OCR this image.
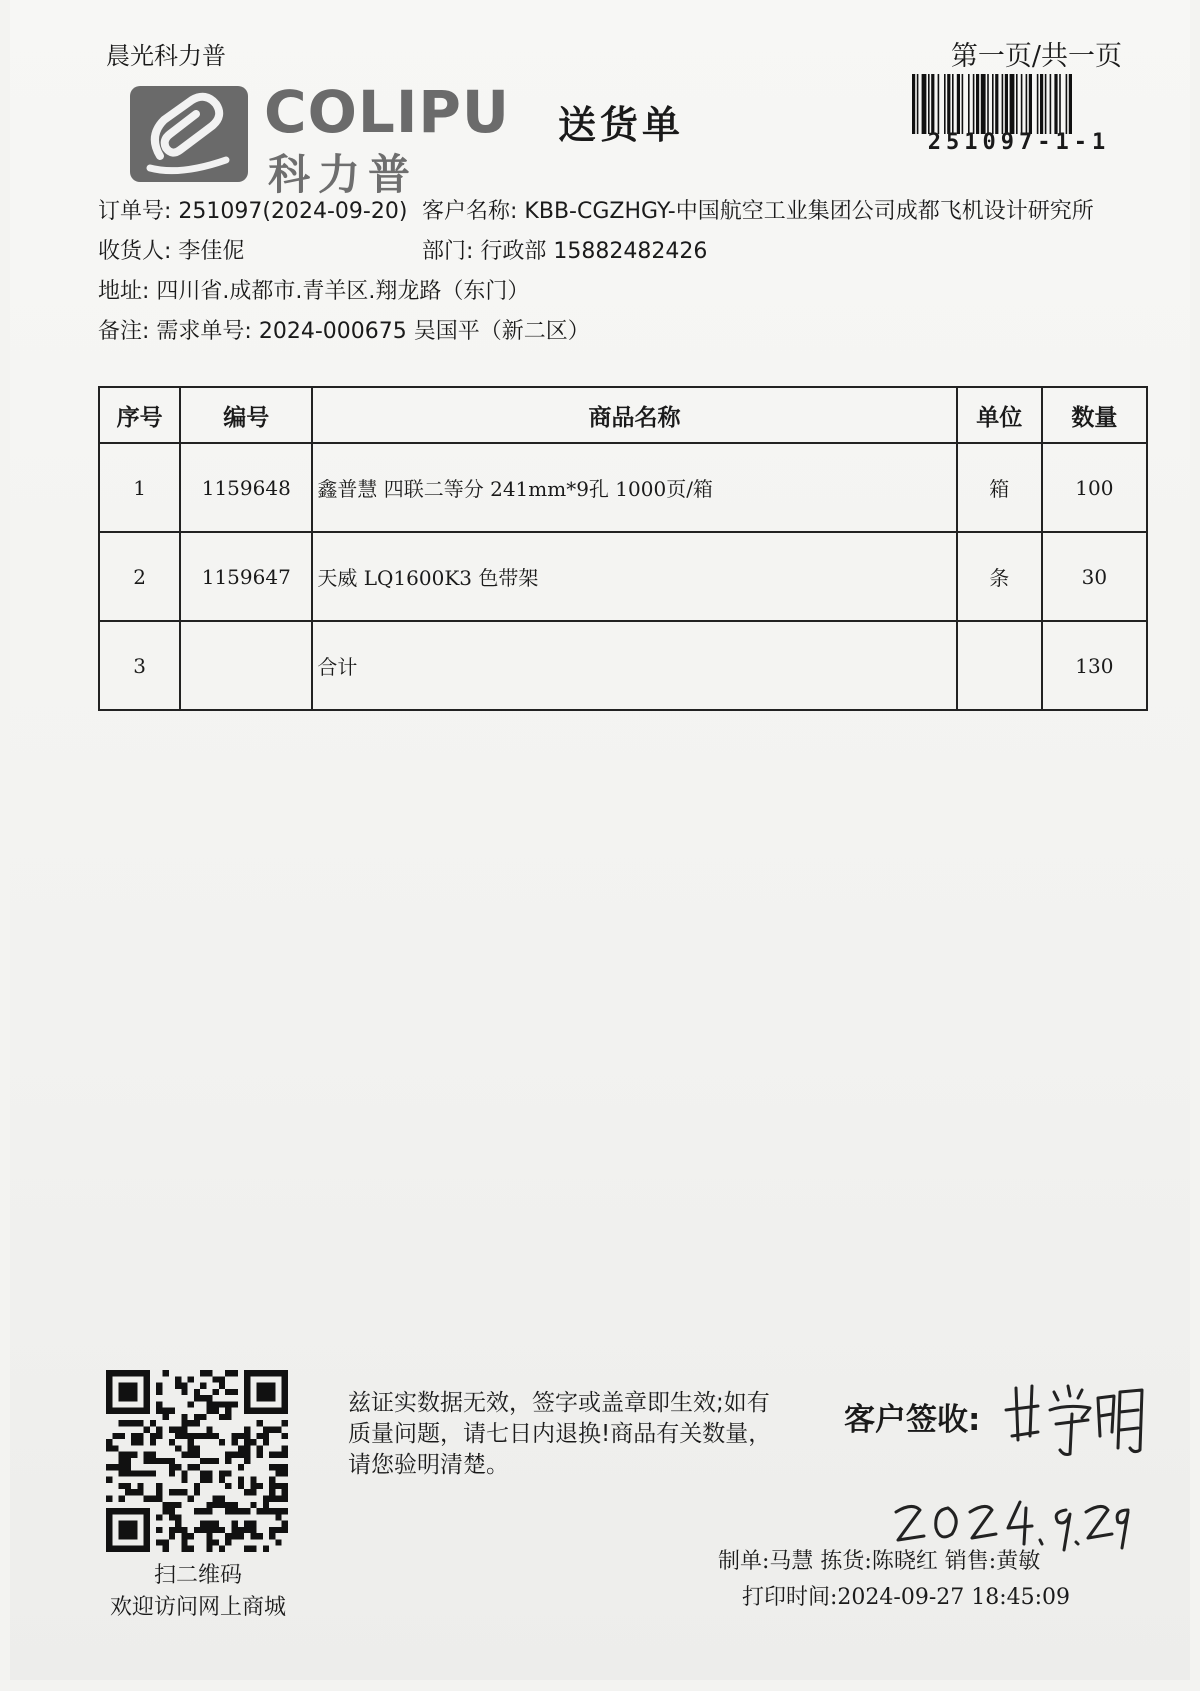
晨光科力普	第一页/共一页
251097-1-1
COLIPU
科力普
送货单
订单号: 251097(2024-09-20) 客户名称: KBB-CGZHGY-中国航空工业集团公司成都飞机设计研究所
收货人: 李佳伲	部门: 行政部 15882482426
地址: 四川省.成都市.青羊区.翔龙路（东门）
备注: 需求单号: 2024-000675 吴国平（新二区）
序号	编号	商品名称	单位	数量
1	1159648	鑫普慧 四联二等分 241mm*9孔 1000页/箱	箱	100
2	1159647	天威 LQ1600K3 色带架	条	30
3		合计		130
扫二维码
欢迎访问网上商城
兹证实数据无效，签字或盖章即生效;如有质量问题，请七日内退换!商品有关数量，请您验明清楚。
客户签收:
制单:马慧 拣货:陈晓红 销售:黄敏
打印时间:2024-09-27 18:45:09
